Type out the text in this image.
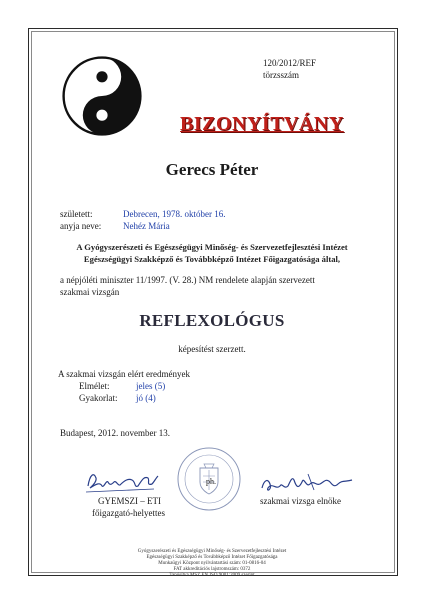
120/2012/REF
törzsszám
BIZONYÍTVÁNY
Gerecs Péter
született:	Debrecen, 1978. október 16.
anyja neve: Nehéz Mária
A Gyógyszerészeti és Egészségügyi Minőség- és Szervezetfejlesztési Intézet
Egészségügyi Szakképző és Továbbképző Intézet Főigazgatósága által,
a népjóléti miniszter 11/1997. (V. 28.) NM rendelete alapján szervezett
szakmai vizsgán
REFLEXOLÓGUS
képesítést szerzett.
A szakmai vizsgán elért eredmények
Elmélet:	jeles (5)
Gyakorlat: jó (4)
Budapest, 2012. november 13.
ph.
GYEMSZI – ETI
főigazgató-helyettes
szakmai vizsga elnöke
Gyógyszerészeti és Egészségügyi Minőség- és Szervezetfejlesztési Intézet
Egészségügyi Szakképző és Továbbképző Intézet Főigazgatósága
Munkaügyi Központ nyilvántartási szám: 01-0816-04
FAT akkreditációs lajstromszám: 0372
Tanúsítva MSZ EN ISO 9001:2009 szerint
